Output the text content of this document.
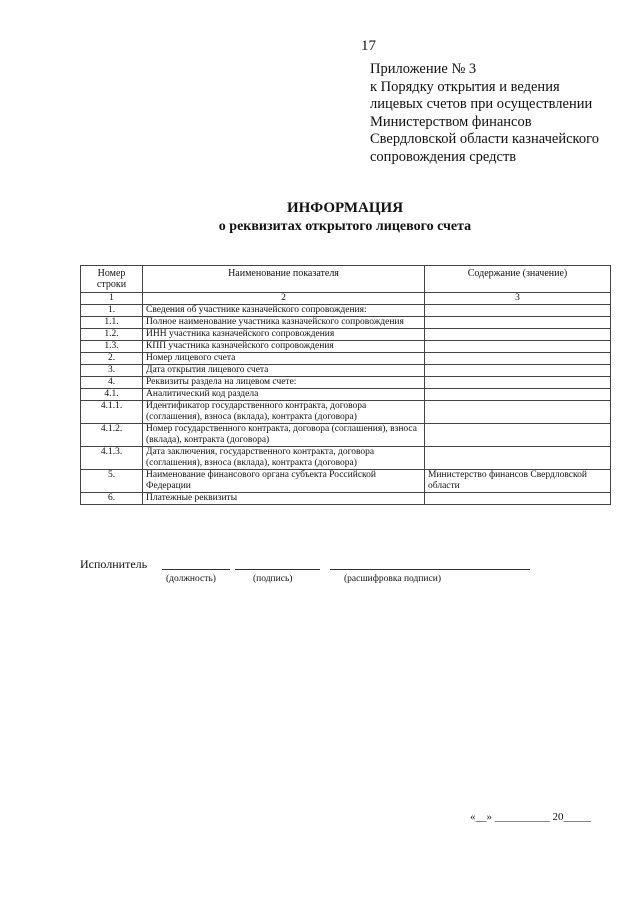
17
Приложение № 3
к Порядку открытия и ведения
лицевых счетов при осуществлении
Министерством финансов
Свердловской области казначейского
сопровождения средств
ИНФОРМАЦИЯ
о реквизитах открытого лицевого счета
Номер строки	Наименование показателя	Содержание (значение)
1	2	3
1.	Сведения об участнике казначейского сопровождения:	
1.1.	Полное наименование участника казначейского сопровождения	
1.2.	ИНН участника казначейского сопровождения	
1.3.	КПП участника казначейского сопровождения	
2.	Номер лицевого счета	
3.	Дата открытия лицевого счета	
4.	Реквизиты раздела на лицевом счете:	
4.1.	Аналитический код раздела	
4.1.1.	Идентификатор государственного контракта, договора (соглашения), взноса (вклада), контракта (договора)	
4.1.2.	Номер государственного контракта, договора (соглашения), взноса (вклада), контракта (договора)	
4.1.3.	Дата заключения, государственного контракта, договора (соглашения), взноса (вклада), контракта (договора)	
5.	Наименование финансового органа субъекта Российской Федерации	Министерство финансов Свердловской области
6.	Платежные реквизиты	
Исполнитель
(должность)	(подпись)	(расшифровка подписи)
«__» __________ 20_____
